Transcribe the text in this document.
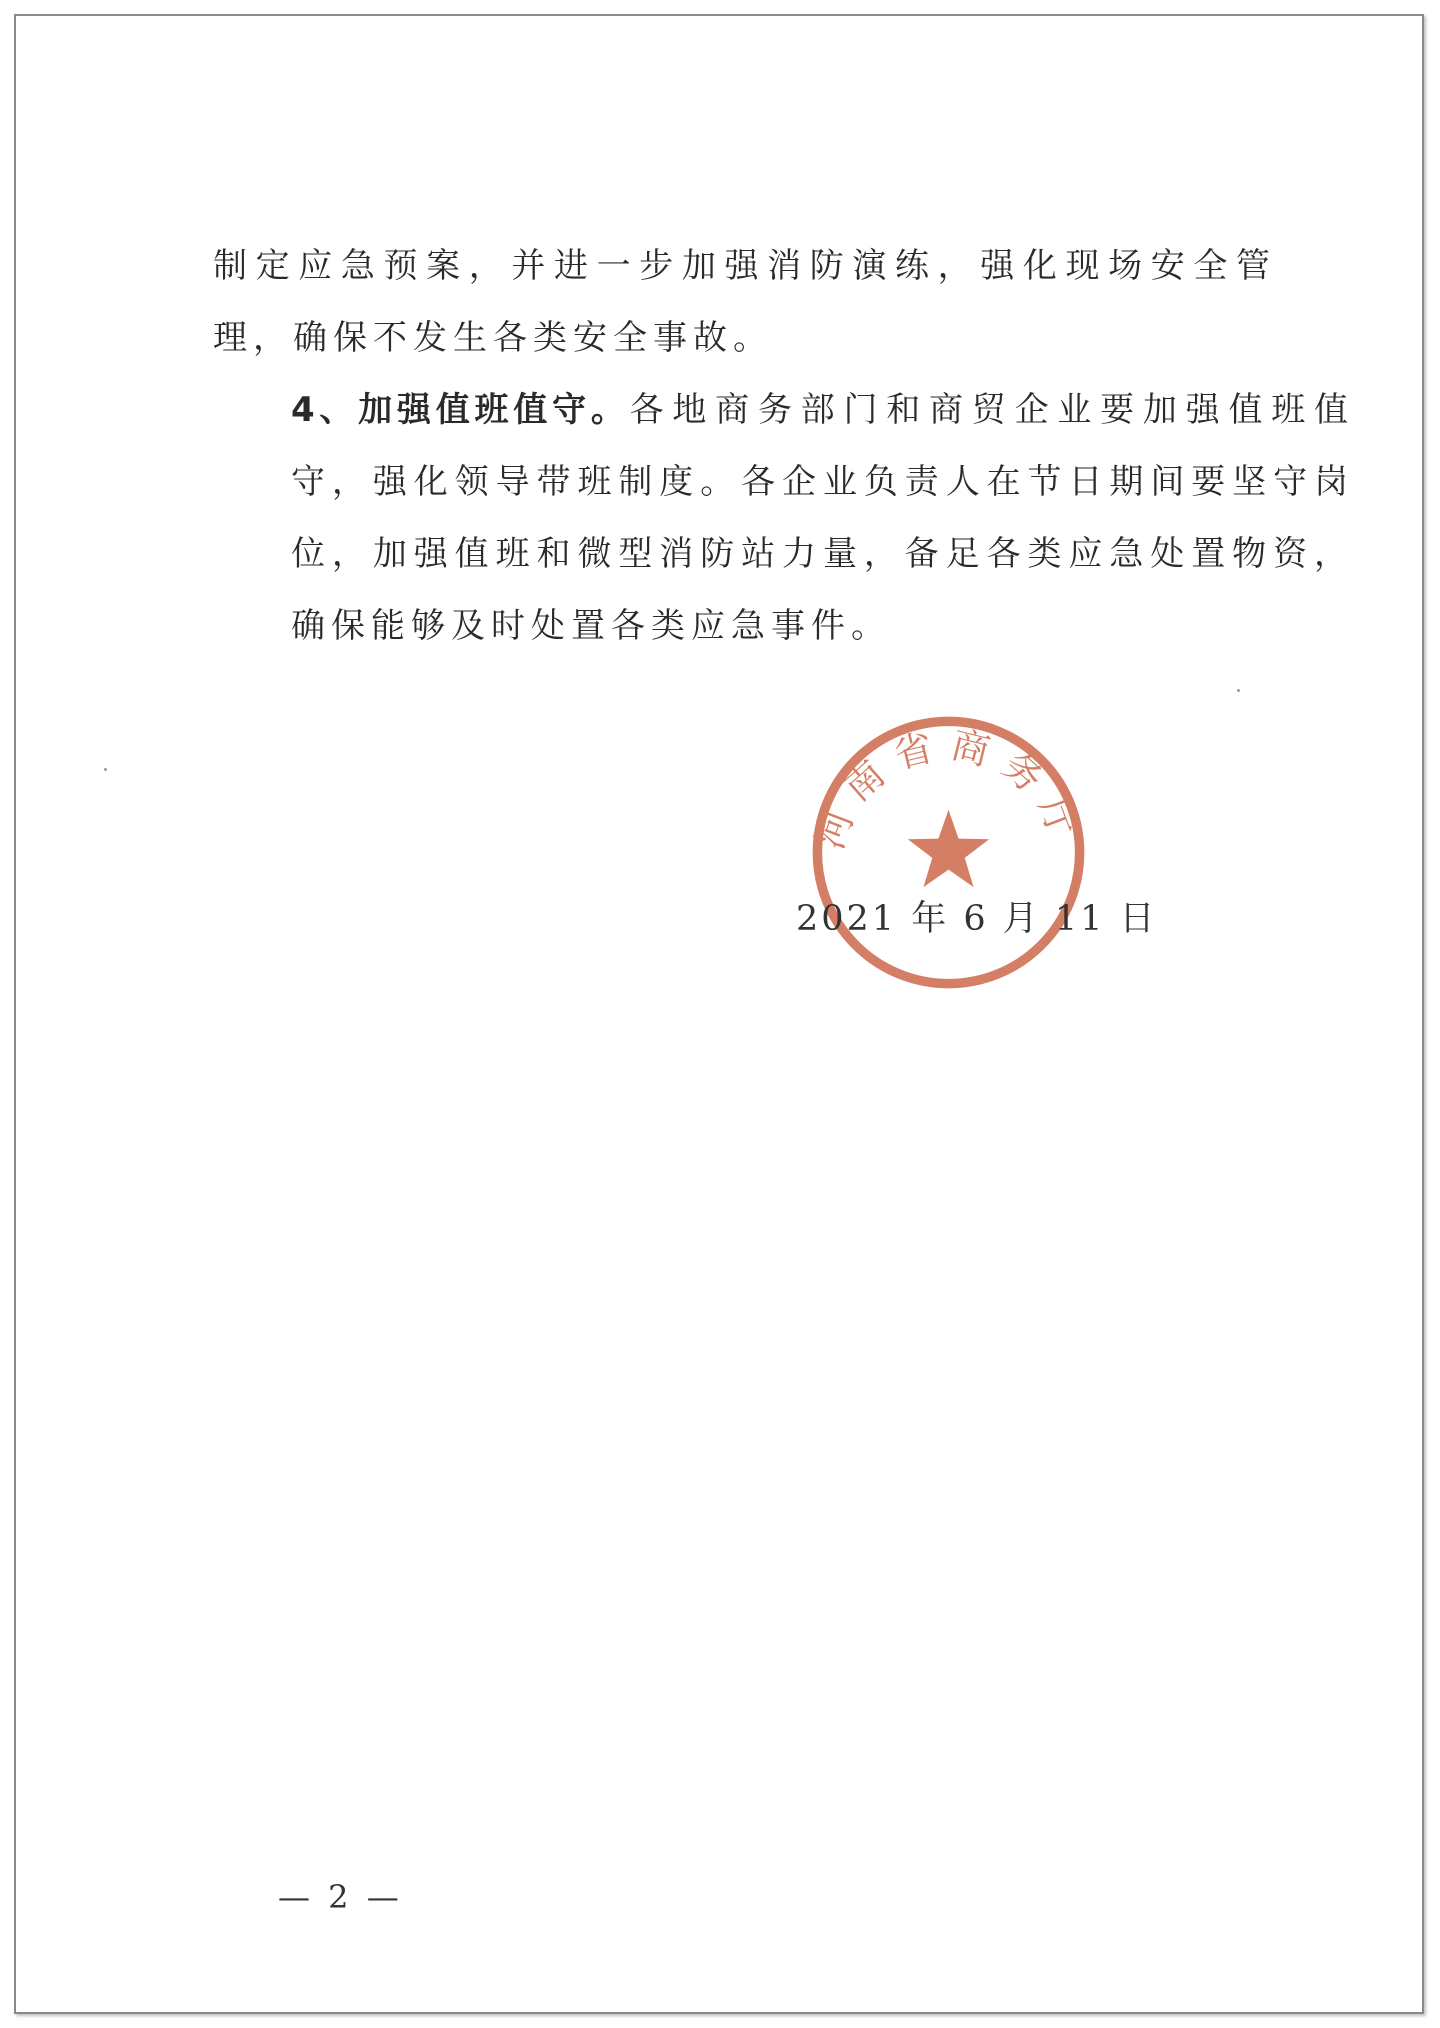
制定应急预案，并进一步加强消防演练，强化现场安全管理，确保不发生各类安全事故。

4、加强值班值守。各地商务部门和商贸企业要加强值班值守，强化领导带班制度。各企业负责人在节日期间要坚守岗位，加强值班和微型消防站力量，备足各类应急处置物资，确保能够及时处置各类应急事件。

河南省商务厅
2021 年 6 月 11 日
— 2 —
